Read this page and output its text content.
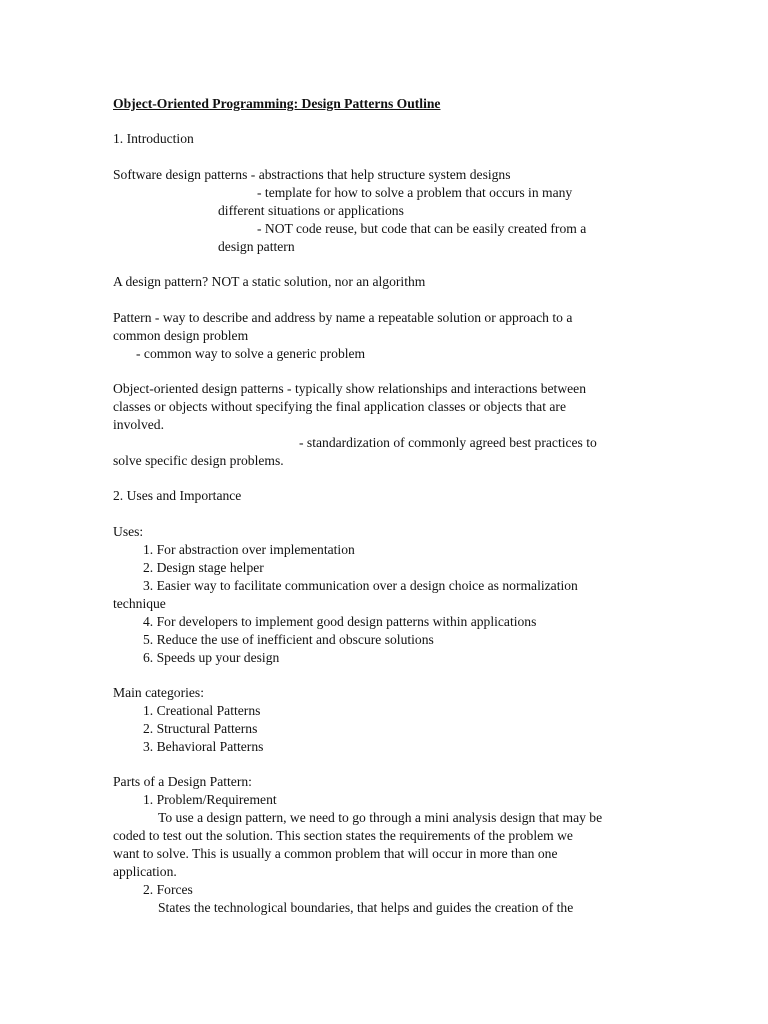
Object-Oriented Programming: Design Patterns Outline
1. Introduction
Software design patterns - abstractions that help structure system designs
- template for how to solve a problem that occurs in many
different situations or applications
- NOT code reuse, but code that can be easily created from a
design pattern
A design pattern? NOT a static solution, nor an algorithm
Pattern - way to describe and address by name a repeatable solution or approach to a
common design problem
- common way to solve a generic problem
Object-oriented design patterns - typically show relationships and interactions between
classes or objects without specifying the final application classes or objects that are
involved.
- standardization of commonly agreed best practices to
solve specific design problems.
2. Uses and Importance
Uses:
1. For abstraction over implementation
2. Design stage helper
3. Easier way to facilitate communication over a design choice as normalization
technique
4. For developers to implement good design patterns within applications
5. Reduce the use of inefficient and obscure solutions
6. Speeds up your design
Main categories:
1. Creational Patterns
2. Structural Patterns
3. Behavioral Patterns
Parts of a Design Pattern:
1. Problem/Requirement
To use a design pattern, we need to go through a mini analysis design that may be
coded to test out the solution. This section states the requirements of the problem we
want to solve. This is usually a common problem that will occur in more than one
application.
2. Forces
States the technological boundaries, that helps and guides the creation of the
